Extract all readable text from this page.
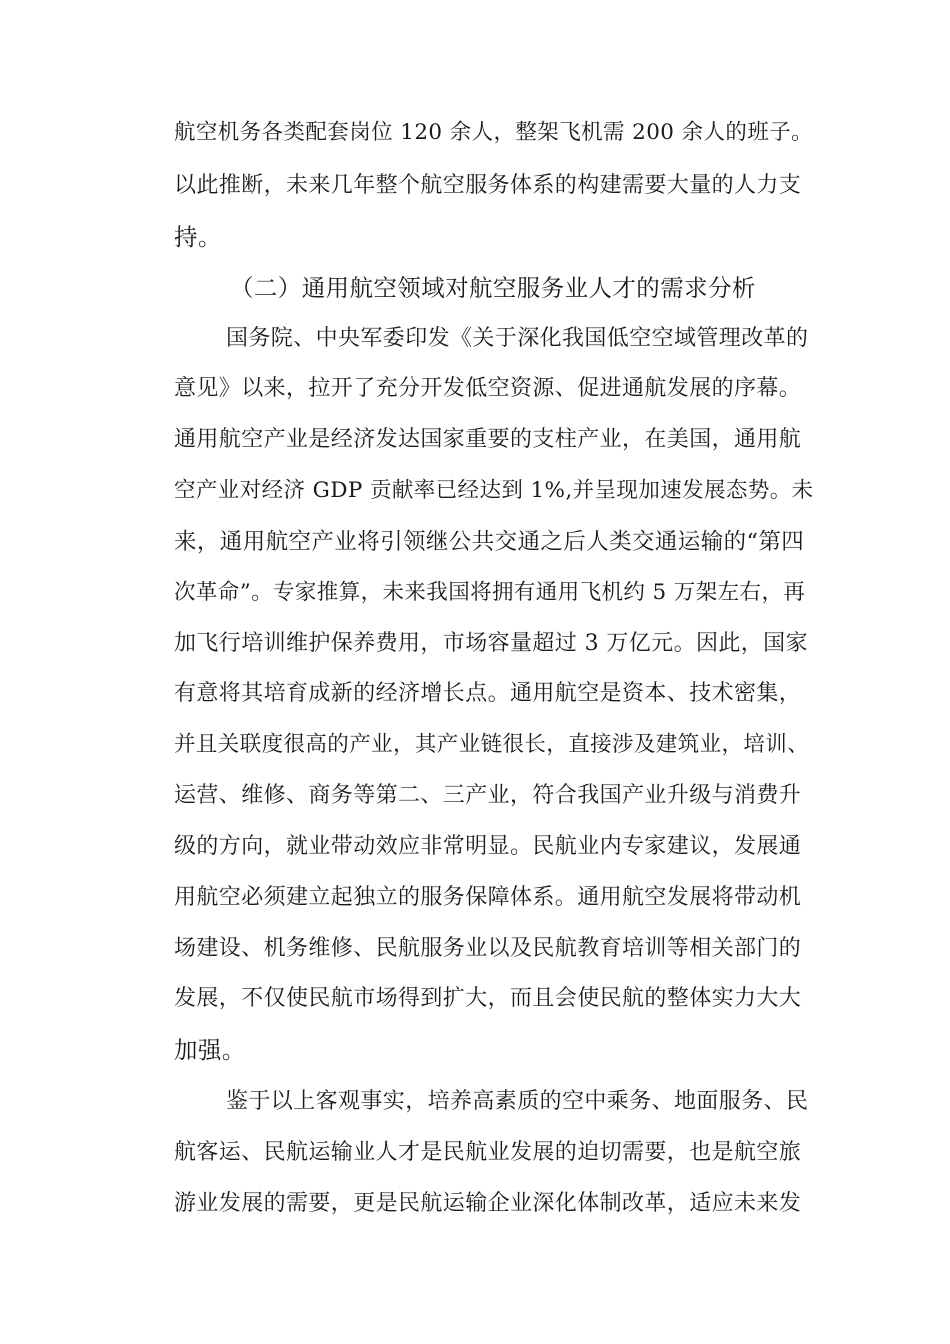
航空机务各类配套岗位 120 余人，整架飞机需 200 余人的班子。
以此推断，未来几年整个航空服务体系的构建需要大量的人力支
持。
（二）通用航空领域对航空服务业人才的需求分析
国务院、中央军委印发《关于深化我国低空空域管理改革的
意见》以来，拉开了充分开发低空资源、促进通航发展的序幕。
通用航空产业是经济发达国家重要的支柱产业，在美国，通用航
空产业对经济 GDP 贡献率已经达到 1%,并呈现加速发展态势。未
来，通用航空产业将引领继公共交通之后人类交通运输的“第四
次革命”。专家推算，未来我国将拥有通用飞机约 5 万架左右，再
加飞行培训维护保养费用，市场容量超过 3 万亿元。因此，国家
有意将其培育成新的经济增长点。通用航空是资本、技术密集，
并且关联度很高的产业，其产业链很长，直接涉及建筑业，培训、
运营、维修、商务等第二、三产业，符合我国产业升级与消费升
级的方向，就业带动效应非常明显。民航业内专家建议，发展通
用航空必须建立起独立的服务保障体系。通用航空发展将带动机
场建设、机务维修、民航服务业以及民航教育培训等相关部门的
发展，不仅使民航市场得到扩大，而且会使民航的整体实力大大
加强。
鉴于以上客观事实，培养高素质的空中乘务、地面服务、民
航客运、民航运输业人才是民航业发展的迫切需要，也是航空旅
游业发展的需要，更是民航运输企业深化体制改革，适应未来发
